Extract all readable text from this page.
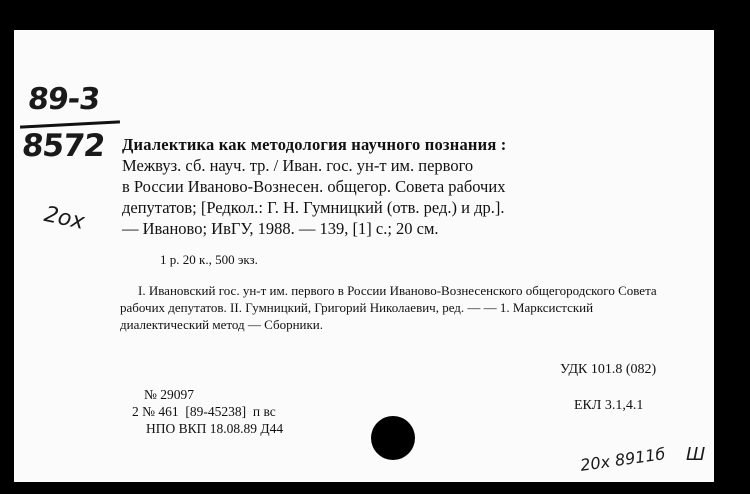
89-3
8572
2ox
Диалектика как методология научного познания :
Межвуз. сб. науч. тр. / Иван. гос. ун-т им. первого
в России Иваново-Вознесен. общегор. Совета рабочих
депутатов; [Редкол.: Г. Н. Гумницкий (отв. ред.) и др.].
— Иваново; ИвГУ, 1988. — 139, [1] с.; 20 см.
1 р. 20 к., 500 экз.
I. Ивановский гос. ун-т им. первого в России Иваново-Вознесенского общегородского Совета рабочих депутатов. II. Гумницкий, Григорий Николаевич, ред. — — 1. Марксистский диалектический метод — Сборники.
УДК 101.8 (082)
ЕКЛ 3.1,4.1
№ 29097
2 № 461  [89-45238]  п вс
НПО ВКП 18.08.89 Д44
20х 8911б Ш
